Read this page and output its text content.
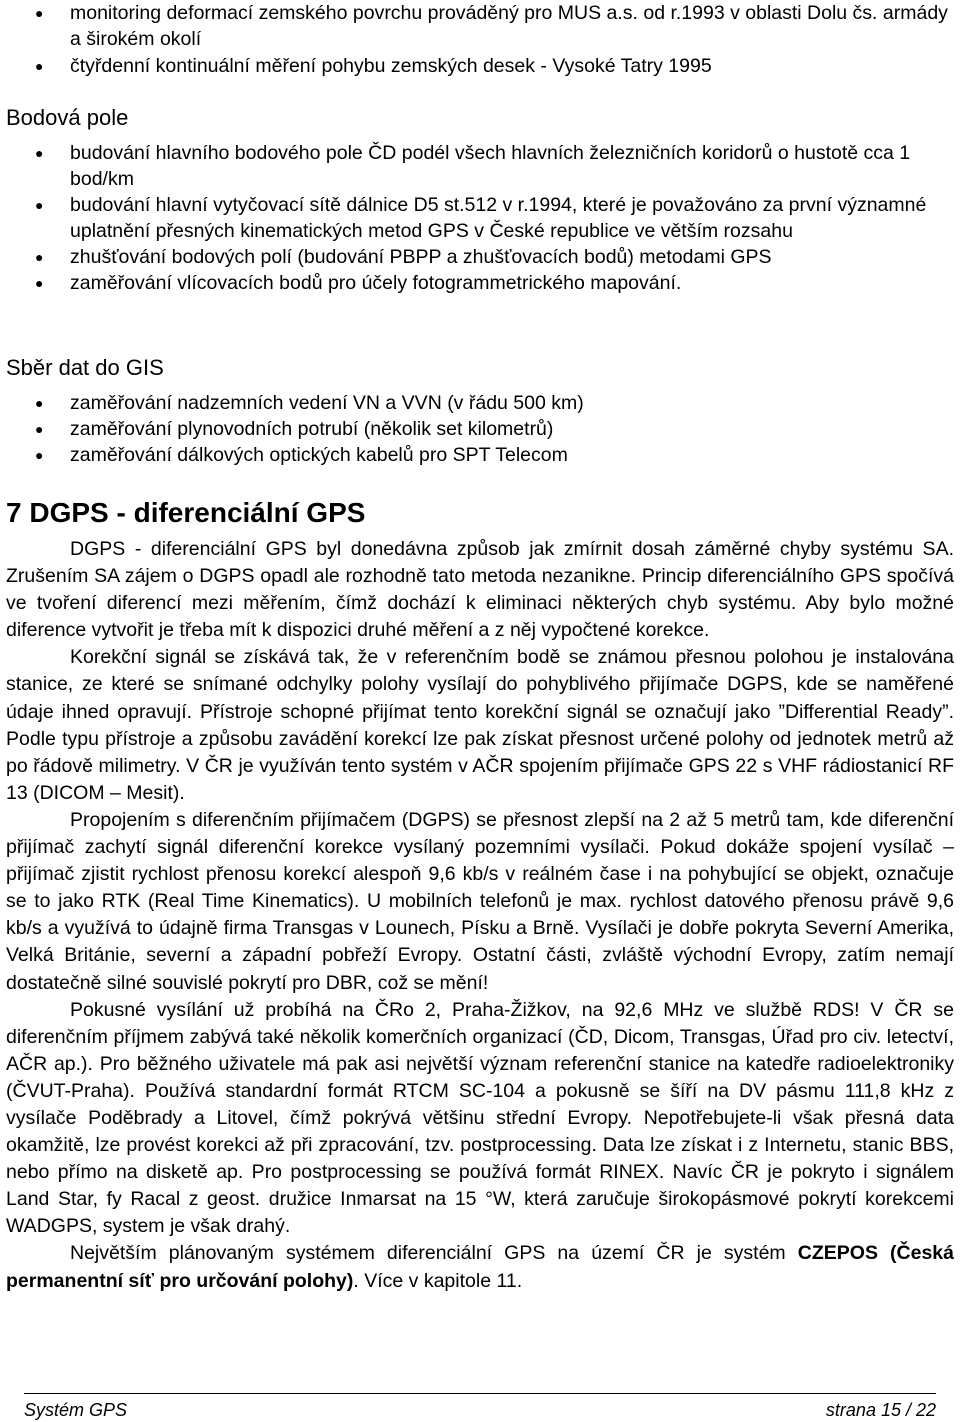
● monitoring deformací zemského povrchu prováděný pro MUS a.s. od r.1993 v oblasti Dolu čs. armády a širokém okolí
● čtyřdenní kontinuální měření pohybu zemských desek - Vysoké Tatry 1995
Bodová pole
● budování hlavního bodového pole ČD podél všech hlavních železničních koridorů o hustotě cca 1 bod/km
● budování hlavní vytyčovací sítě dálnice D5 st.512 v r.1994, které je považováno za první významné uplatnění přesných kinematických metod GPS v České republice ve větším rozsahu
● zhušťování bodových polí (budování PBPP a zhušťovacích bodů) metodami GPS
● zaměřování vlícovacích bodů pro účely fotogrammetrického mapování.
Sběr dat do GIS
● zaměřování nadzemních vedení VN a VVN (v řádu 500 km)
● zaměřování plynovodních potrubí (několik set kilometrů)
● zaměřování dálkových optických kabelů pro SPT Telecom
7 DGPS - diferenciální GPS

DGPS - diferenciální GPS byl donedávna způsob jak zmírnit dosah záměrné chyby systému SA. Zrušením SA zájem o DGPS opadl ale rozhodně tato metoda nezanikne. Princip diferenciálního GPS spočívá ve tvoření diferencí mezi měřením, čímž dochází k eliminaci některých chyb systému. Aby bylo možné diference vytvořit je třeba mít k dispozici druhé měření a z něj vypočtené korekce.

Korekční signál se získává tak, že v referenčním bodě se známou přesnou polohou je instalována stanice, ze které se snímané odchylky polohy vysílají do pohyblivého přijímače DGPS, kde se naměřené údaje ihned opravují. Přístroje schopné přijímat tento korekční signál se označují jako ”Differential Ready”. Podle typu přístroje a způsobu zavádění korekcí lze pak získat přesnost určené polohy od jednotek metrů až po řádově milimetry. V ČR je využíván tento systém v AČR spojením přijímače GPS 22 s VHF rádiostanicí RF 13 (DICOM – Mesit).

Propojením s diferenčním přijímačem (DGPS) se přesnost zlepší na 2 až 5 metrů tam, kde diferenční přijímač zachytí signál diferenční korekce vysílaný pozemními vysílači. Pokud dokáže spojení vysílač – přijímač zjistit rychlost přenosu korekcí alespoň 9,6 kb/s v reálném čase i na pohybující se objekt, označuje se to jako RTK (Real Time Kinematics). U mobilních telefonů je max. rychlost datového přenosu právě 9,6 kb/s a využívá to údajně firma Transgas v Lounech, Písku a Brně. Vysílači je dobře pokryta Severní Amerika, Velká Británie, severní a západní pobřeží Evropy. Ostatní části, zvláště východní Evropy, zatím nemají dostatečně silné souvislé pokrytí pro DBR, což se mění!

Pokusné vysílání už probíhá na ČRo 2, Praha-Žižkov, na 92,6 MHz ve službě RDS! V ČR se diferenčním příjmem zabývá také několik komerčních organizací (ČD, Dicom, Transgas, Úřad pro civ. letectví, AČR ap.). Pro běžného uživatele má pak asi největší význam referenční stanice na katedře radioelektroniky (ČVUT-Praha). Používá standardní formát RTCM SC-104 a pokusně se šíří na DV pásmu 111,8 kHz z vysílače Poděbrady a Litovel, čímž pokrývá většinu střední Evropy. Nepotřebujete-li však přesná data okamžitě, lze provést korekci až při zpracování, tzv. postprocessing. Data lze získat i z Internetu, stanic BBS, nebo přímo na disketě ap. Pro postprocessing se používá formát RINEX. Navíc ČR je pokryto i signálem Land Star, fy Racal z geost. družice Inmarsat na 15 °W, která zaručuje širokopásmové pokrytí korekcemi WADGPS, system je však drahý.

Největším plánovaným systémem diferenciální GPS na území ČR je systém CZEPOS (Česká permanentní síť pro určování polohy). Více v kapitole 11.

Systém GPS	strana 15 / 22
